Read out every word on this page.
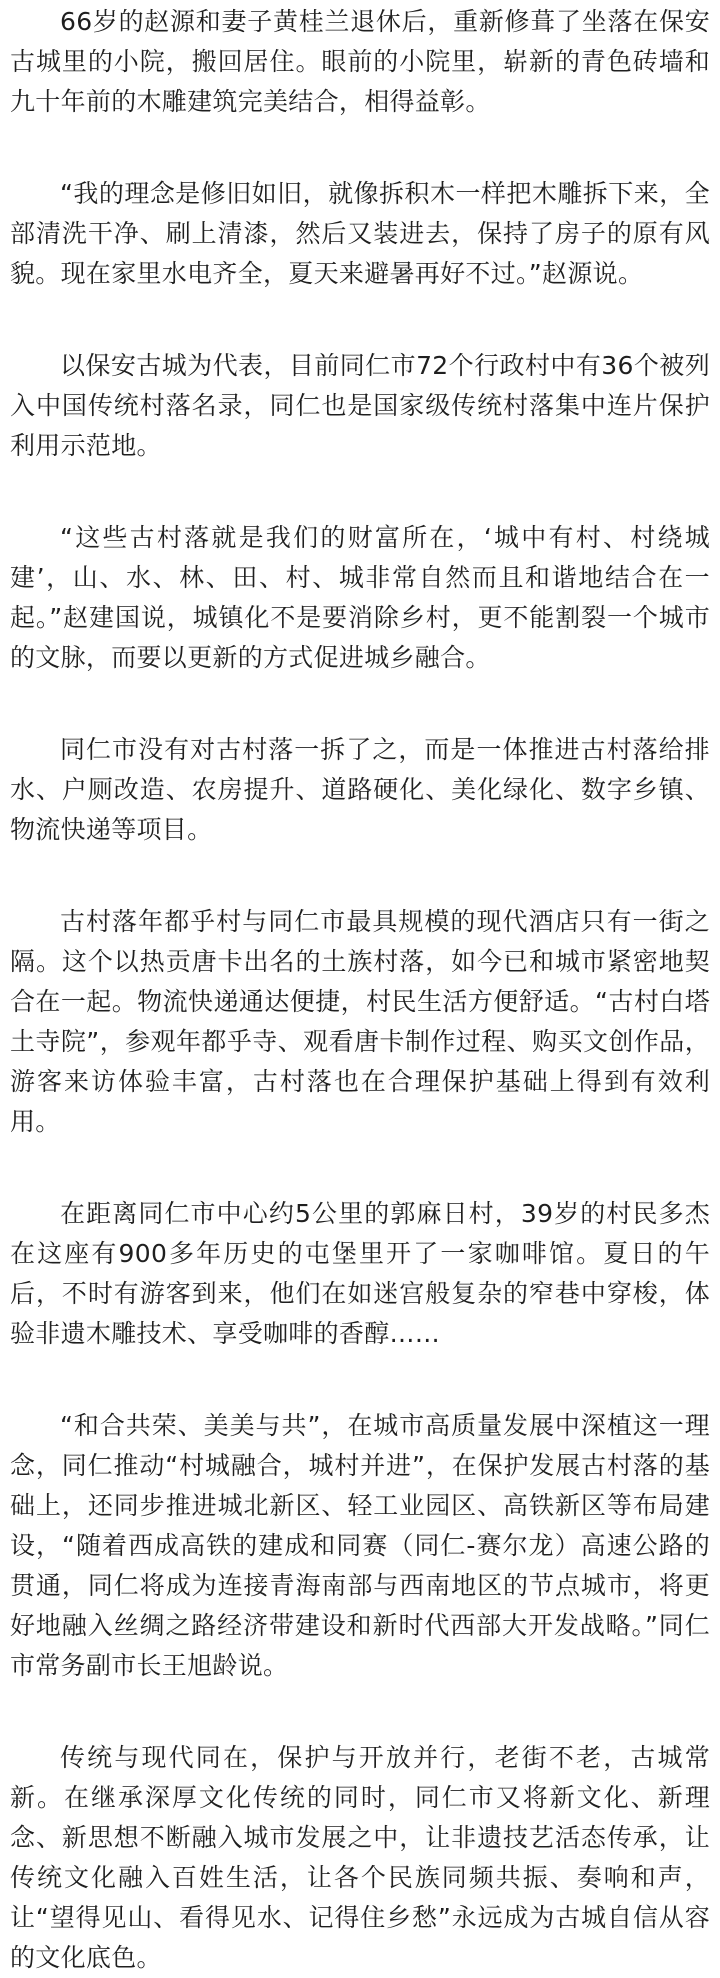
66岁的赵源和妻子黄桂兰退休后，重新修葺了坐落在保安古城里的小院，搬回居住。眼前的小院里，崭新的青色砖墙和九十年前的木雕建筑完美结合，相得益彰。

“我的理念是修旧如旧，就像拆积木一样把木雕拆下来，全部清洗干净、刷上清漆，然后又装进去，保持了房子的原有风貌。现在家里水电齐全，夏天来避暑再好不过。”赵源说。

以保安古城为代表，目前同仁市72个行政村中有36个被列入中国传统村落名录，同仁也是国家级传统村落集中连片保护利用示范地。

“这些古村落就是我们的财富所在，‘城中有村、村绕城建’，山、水、林、田、村、城非常自然而且和谐地结合在一起。”赵建国说，城镇化不是要消除乡村，更不能割裂一个城市的文脉，而要以更新的方式促进城乡融合。

同仁市没有对古村落一拆了之，而是一体推进古村落给排水、户厕改造、农房提升、道路硬化、美化绿化、数字乡镇、物流快递等项目。

古村落年都乎村与同仁市最具规模的现代酒店只有一街之隔。这个以热贡唐卡出名的土族村落，如今已和城市紧密地契合在一起。物流快递通达便捷，村民生活方便舒适。“古村白塔土寺院”，参观年都乎寺、观看唐卡制作过程、购买文创作品，游客来访体验丰富，古村落也在合理保护基础上得到有效利用。

在距离同仁市中心约5公里的郭麻日村，39岁的村民多杰在这座有900多年历史的屯堡里开了一家咖啡馆。夏日的午后，不时有游客到来，他们在如迷宫般复杂的窄巷中穿梭，体验非遗木雕技术、享受咖啡的香醇……

“和合共荣、美美与共”，在城市高质量发展中深植这一理念，同仁推动“村城融合，城村并进”，在保护发展古村落的基础上，还同步推进城北新区、轻工业园区、高铁新区等布局建设，“随着西成高铁的建成和同赛（同仁-赛尔龙）高速公路的贯通，同仁将成为连接青海南部与西南地区的节点城市，将更好地融入丝绸之路经济带建设和新时代西部大开发战略。”同仁市常务副市长王旭龄说。

传统与现代同在，保护与开放并行，老街不老，古城常新。在继承深厚文化传统的同时，同仁市又将新文化、新理念、新思想不断融入城市发展之中，让非遗技艺活态传承，让传统文化融入百姓生活，让各个民族同频共振、奏响和声，让“望得见山、看得见水、记得住乡愁”永远成为古城自信从容的文化底色。
